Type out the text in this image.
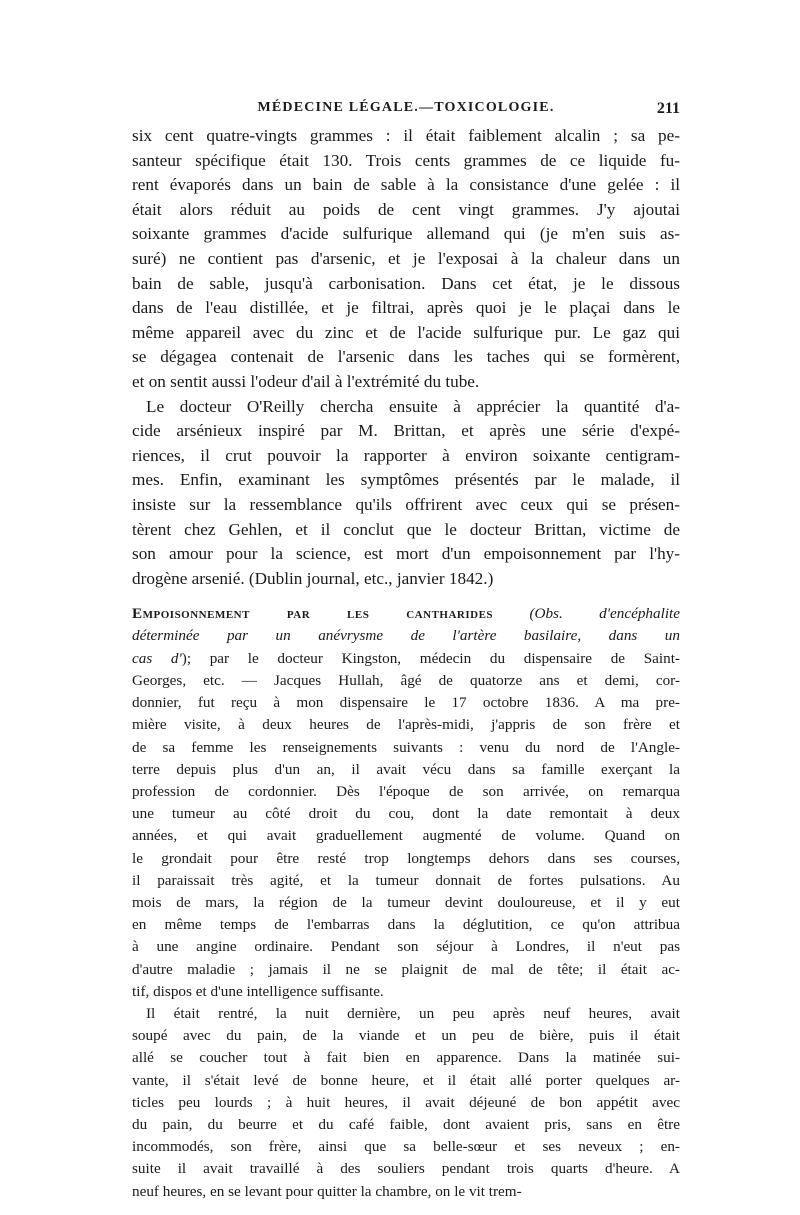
MÉDECINE LÉGALE.—TOXICOLOGIE.	211
six cent quatre-vingts grammes : il était faiblement alcalin ; sa pe-
santeur spécifique était 130. Trois cents grammes de ce liquide fu-
rent évaporés dans un bain de sable à la consistance d'une gelée : il
était alors réduit au poids de cent vingt grammes. J'y ajoutai
soixante grammes d'acide sulfurique allemand qui (je m'en suis as-
suré) ne contient pas d'arsenic, et je l'exposai à la chaleur dans un
bain de sable, jusqu'à carbonisation. Dans cet état, je le dissous
dans de l'eau distillée, et je filtrai, après quoi je le plaçai dans le
même appareil avec du zinc et de l'acide sulfurique pur. Le gaz qui
se dégagea contenait de l'arsenic dans les taches qui se formèrent,
et on sentit aussi l'odeur d'ail à l'extrémité du tube.
Le docteur O'Reilly chercha ensuite à apprécier la quantité d'a-
cide arsénieux inspiré par M. Brittan, et après une série d'expé-
riences, il crut pouvoir la rapporter à environ soixante centigram-
mes. Enfin, examinant les symptômes présentés par le malade, il
insiste sur la ressemblance qu'ils offrirent avec ceux qui se présen-
tèrent chez Gehlen, et il conclut que le docteur Brittan, victime de
son amour pour la science, est mort d'un empoisonnement par l'hy-
drogène arsenié. (Dublin journal, etc., janvier 1842.)
Empoisonnement par les cantharides (Obs. d'encéphalite
déterminée par un anévrysme de l'artère basilaire, dans un
cas d'); par le docteur Kingston, médecin du dispensaire de Saint-
Georges, etc. — Jacques Hullah, âgé de quatorze ans et demi, cor-
donnier, fut reçu à mon dispensaire le 17 octobre 1836. A ma pre-
mière visite, à deux heures de l'après-midi, j'appris de son frère et
de sa femme les renseignements suivants : venu du nord de l'Angle-
terre depuis plus d'un an, il avait vécu dans sa famille exerçant la
profession de cordonnier. Dès l'époque de son arrivée, on remarqua
une tumeur au côté droit du cou, dont la date remontait à deux
années, et qui avait graduellement augmenté de volume. Quand on
le grondait pour être resté trop longtemps dehors dans ses courses,
il paraissait très agité, et la tumeur donnait de fortes pulsations. Au
mois de mars, la région de la tumeur devint douloureuse, et il y eut
en même temps de l'embarras dans la déglutition, ce qu'on attribua
à une angine ordinaire. Pendant son séjour à Londres, il n'eut pas
d'autre maladie ; jamais il ne se plaignit de mal de tête; il était ac-
tif, dispos et d'une intelligence suffisante.
Il était rentré, la nuit dernière, un peu après neuf heures, avait
soupé avec du pain, de la viande et un peu de bière, puis il était
allé se coucher tout à fait bien en apparence. Dans la matinée sui-
vante, il s'était levé de bonne heure, et il était allé porter quelques ar-
ticles peu lourds ; à huit heures, il avait déjeuné de bon appétit avec
du pain, du beurre et du café faible, dont avaient pris, sans en être
incommodés, son frère, ainsi que sa belle-sœur et ses neveux ; en-
suite il avait travaillé à des souliers pendant trois quarts d'heure. A
neuf heures, en se levant pour quitter la chambre, on le vit trem-
